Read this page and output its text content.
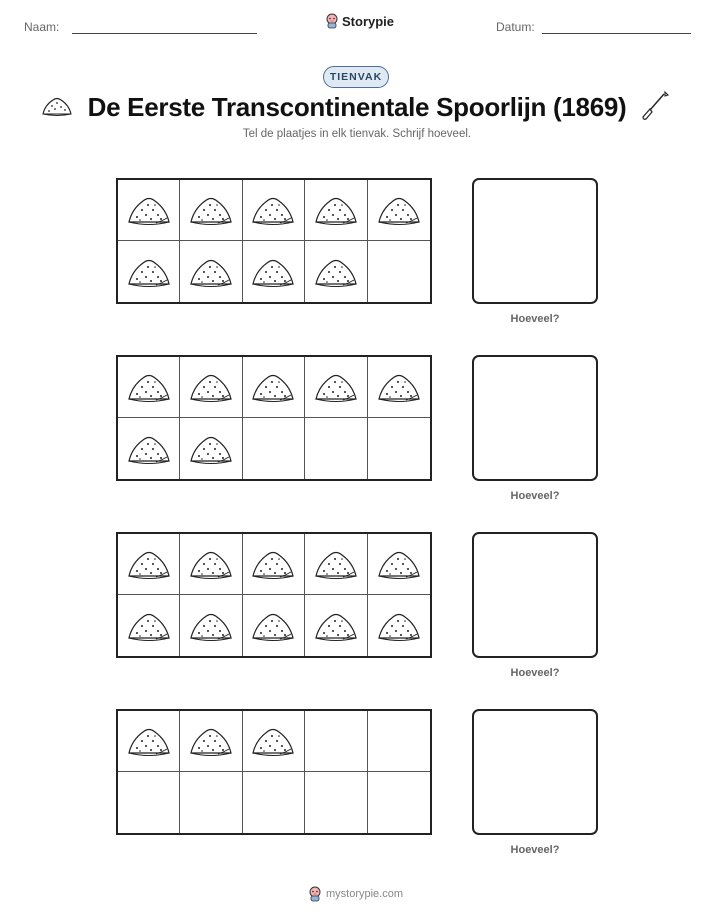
Naam:	Storypie	Datum:
TIENVAK
De Eerste Transcontinentale Spoorlijn (1869)
Tel de plaatjes in elk tienvak. Schrijf hoeveel.
Hoeveel?
Hoeveel?
Hoeveel?
Hoeveel?
mystorypie.com
